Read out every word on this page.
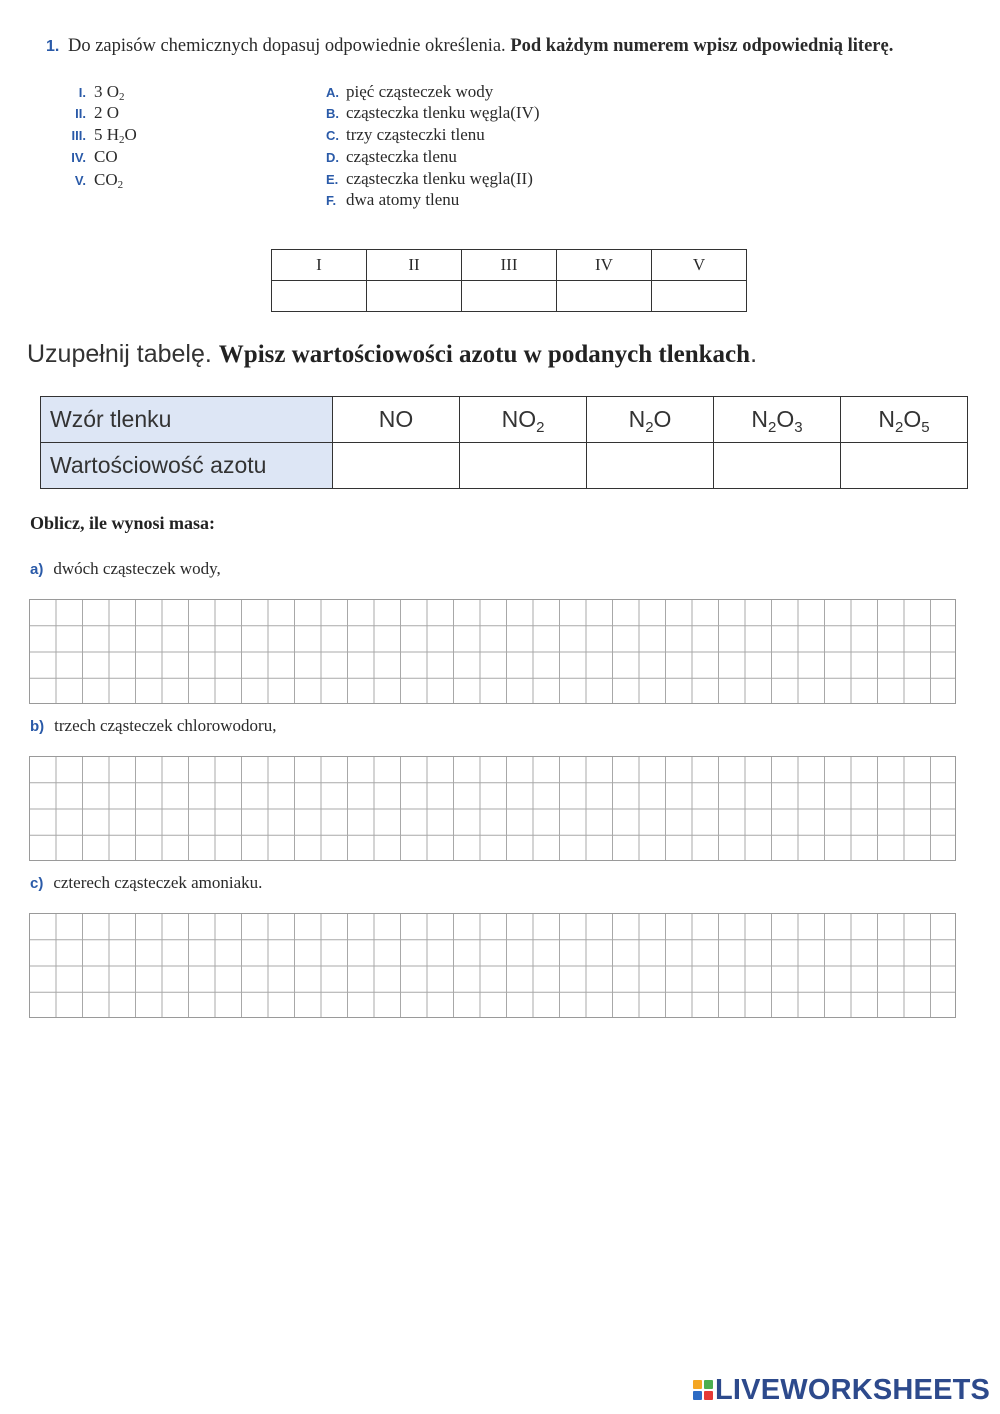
1. Do zapisów chemicznych dopasuj odpowiednie określenia. Pod każdym numerem wpisz odpowiednią literę.
I. 3 $O_2$
II. 2 O
III. 5 $H_2O$
IV. CO
V. $CO_2$
A. pięć cząsteczek wody
B. cząsteczka tlenku węgla(IV)
C. trzy cząsteczki tlenu
D. cząsteczka tlenu
E. cząsteczka tlenku węgla(II)
F. dwa atomy tlenu
I	II	III	IV	V

Uzupełnij tabelę. Wpisz wartościowości azotu w podanych tlenkach.
Wzór tlenku	NO	$NO_2$	$N_2O$	$N_2O_3$	$N_2O_5$
Wartościowość azotu					
Oblicz, ile wynosi masa:
a) dwóch cząsteczek wody,
b) trzech cząsteczek chlorowodoru,
c) czterech cząsteczek amoniaku.
LIVEWORKSHEETS
